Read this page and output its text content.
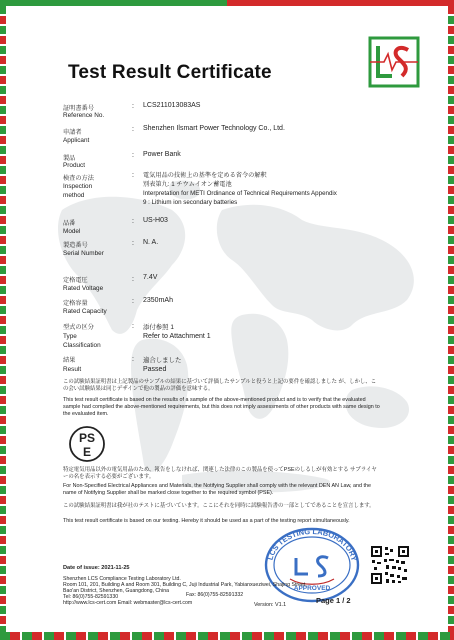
Test Result Certificate
証明書番号
Reference No.
: LCS211013083AS
申請者
Applicant
: Shenzhen Ilsmart Power Technology Co., Ltd.
製品
Product
: Power Bank
検査の方法
Inspection
method
: 電気用品の技術上の基準を定める省令の解釈
別表第九: 1 チウムイオン蓄電池
Interpretation for METI Ordinance of Technical Requirements Appendix
9 : Lithium ion secondary batteries
品番
Model
: US-H03
製造番号
Serial Number
: N. A.
定格電圧
Rated Voltage
: 7.4V
定格容量
Rated Capacity
: 2350mAh
型式の区分
Type
Classification
: 添付参照 1
Refer to Attachment 1
結果
Result
: 適合しました
Passed
この試験結果証明書は上記製品のサンプルの結果に基づいて評価したサンプルと役うと上記の要件を確認しました が、しかし、この会い試験結果は同じデザインで他の製品の評価を意味する。
This test result certificate is based on the results of a sample of the above-mentioned product and is to verify that the evaluated sample had complied the above-mentioned requirements, but this does not imply assessments of other products with same design to the evaluated item.
PS
E
特定電気用品以外の電気用品のため、報告をしなければ、関連した法律のこの製品を使ってPSEのしるしが有効とする サプライヤーの名を表示する必要がございます。
For Non-Specified Electrical Appliances and Materials, the Notifying Supplier shall comply with the relevant DEN AN Law, and the name of Notifying Supplier shall be marked close together to the required symbol (PSE).
この試験結果証明書は我が社のテストに基づいています。ここにそれを同時に試験報告書の一部としてであることを宣言します。
This test result certificate is based on our testing. Hereby it should be used as a part of the testing report simultaneously.
LCS TESTING LABORATORY
APPROVED
Date of issue: 2021-11-25
Shenzhen LCS Compliance Testing Laboratory Ltd.
Room 101, 201, Building A and Room 301, Building C, Juji Industrial Park, Yabianxueziwei, Shajing Street,
Bao'an District, Shenzhen, Guangdong, China
Tel: 86(0)755-82591330	Fax: 86(0)755-82591332
http://www.lcs-cert.com Email: webmaster@lcs-cert.com	Version: V1.1	Page 1 / 2
